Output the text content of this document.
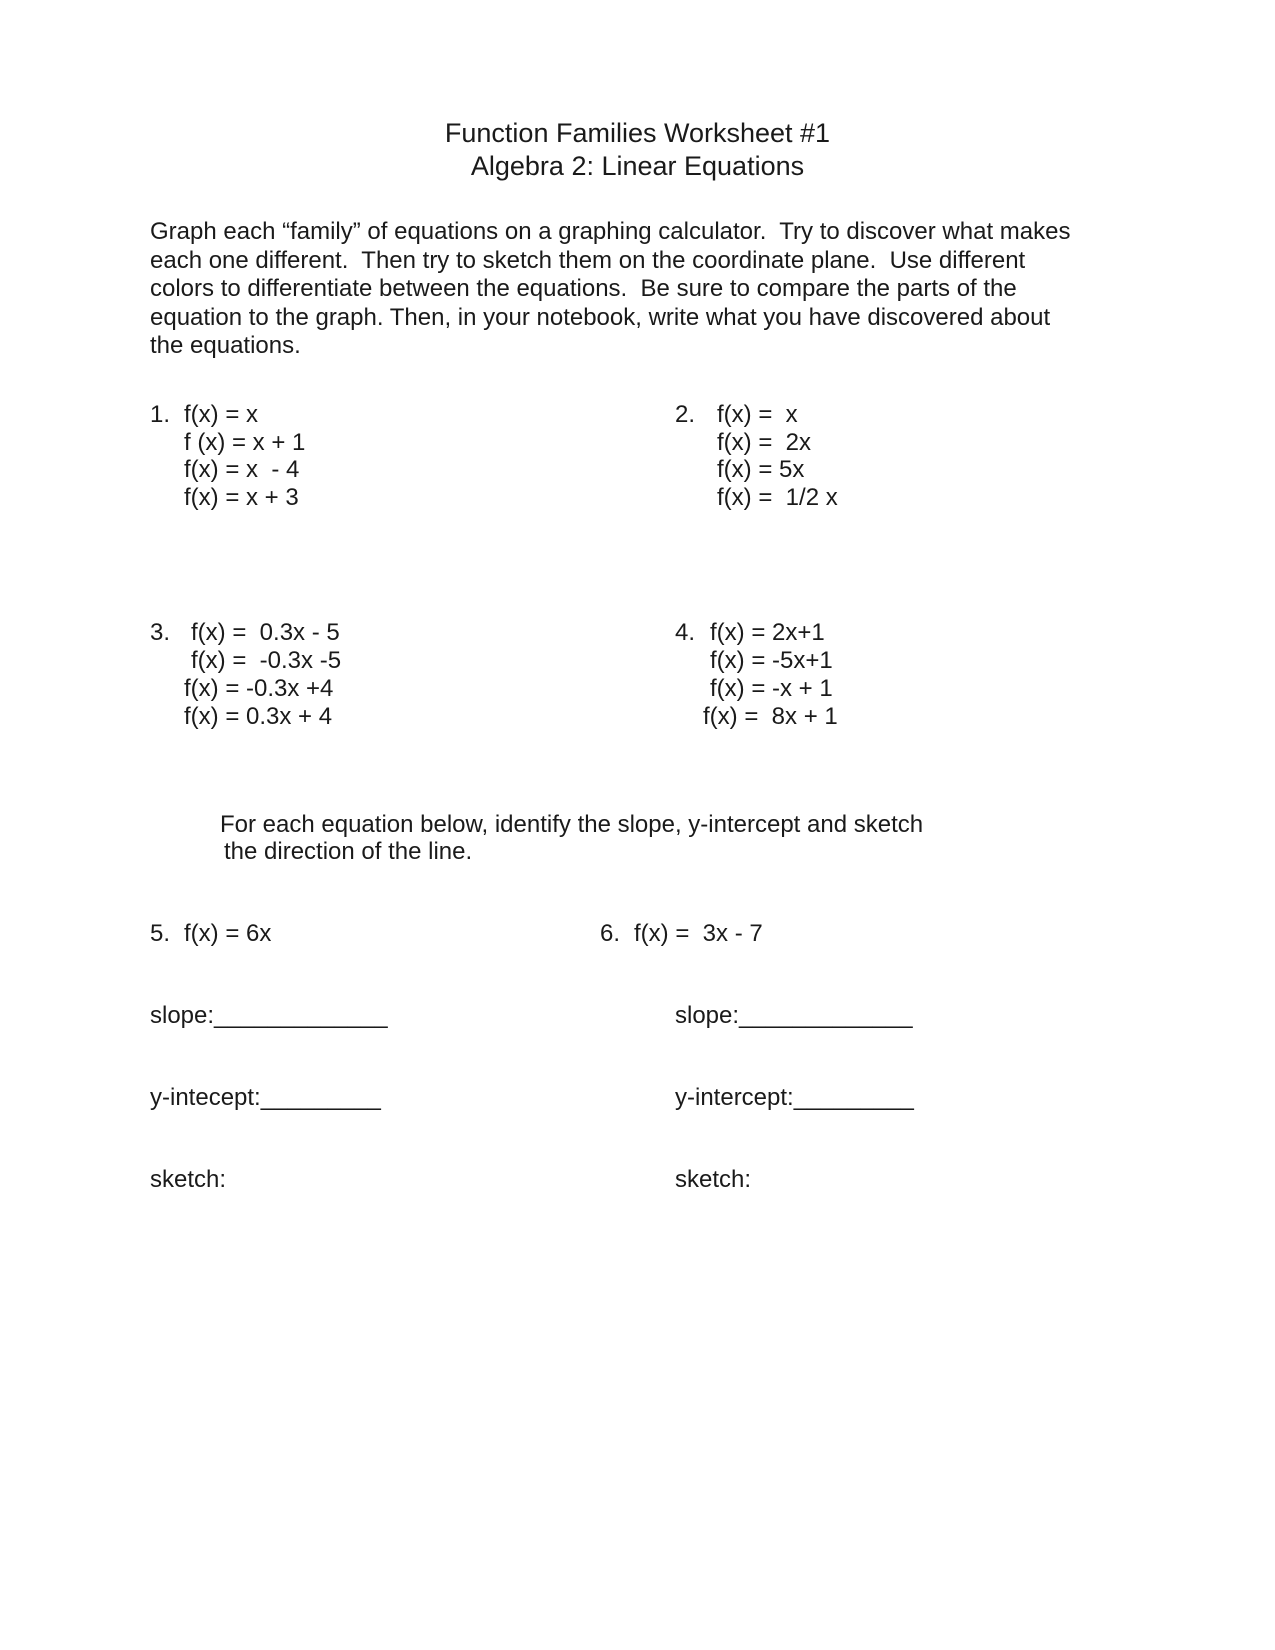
Function Families Worksheet #1
Algebra 2: Linear Equations
Graph each “family” of equations on a graphing calculator.  Try to discover what makes
each one different.  Then try to sketch them on the coordinate plane.  Use different
colors to differentiate between the equations.  Be sure to compare the parts of the
equation to the graph. Then, in your notebook, write what you have discovered about
the equations.
1. f(x) = x
f (x) = x + 1
f(x) = x  - 4
f(x) = x + 3
2. f(x) =  x
f(x) =  2x
f(x) = 5x
f(x) =  1/2 x
3. f(x) =  0.3x - 5
f(x) =  -0.3x -5
f(x) = -0.3x +4
f(x) = 0.3x + 4
4. f(x) = 2x+1
f(x) = -5x+1
f(x) = -x + 1
f(x) =  8x + 1
For each equation below, identify the slope, y-intercept and sketch
the direction of the line.
5. f(x) = 6x
slope:_____________
y-intecept:_________
sketch:
6. f(x) =  3x - 7
slope:_____________
y-intercept:_________
sketch:
